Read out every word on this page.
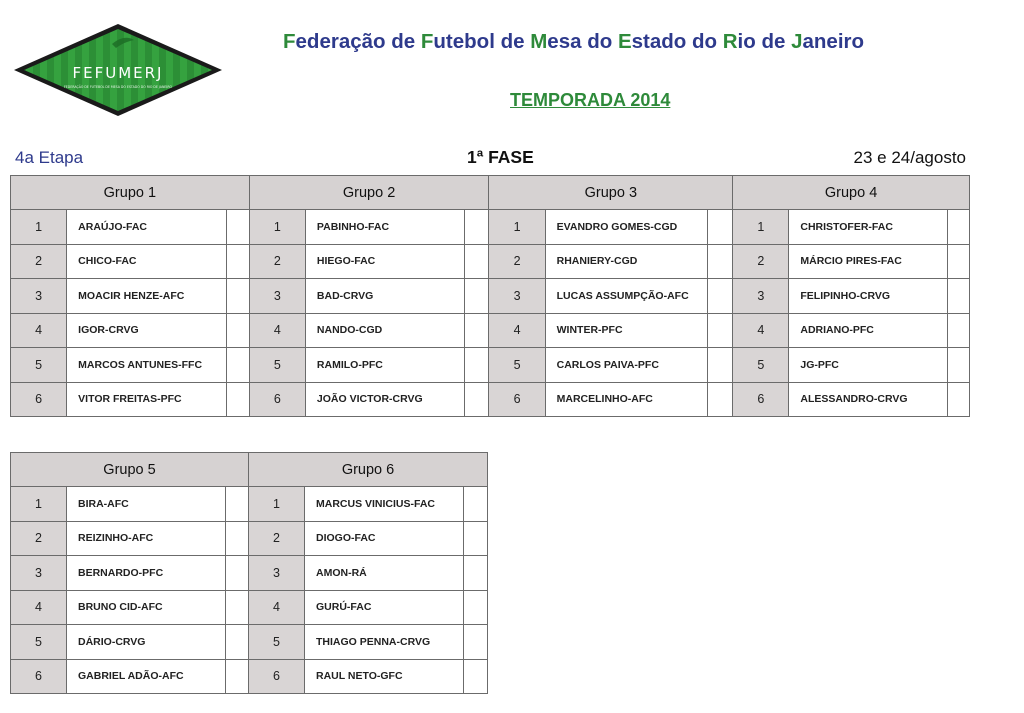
FEFUMERJ
FEDERAÇÃO DE FUTEBOL DE MESA DO ESTADO DO RIO DE JANEIRO
Federação de Futebol de Mesa do Estado do Rio de Janeiro
TEMPORADA 2014
4a Etapa	1ª FASE	23 e 24/agosto
Grupo 1			Grupo 2			Grupo 3			Grupo 4		
1	ARAÚJO-FAC		1	PABINHO-FAC		1	EVANDRO GOMES-CGD		1	CHRISTOFER-FAC	
2	CHICO-FAC		2	HIEGO-FAC		2	RHANIERY-CGD		2	MÁRCIO PIRES-FAC	
3	MOACIR HENZE-AFC		3	BAD-CRVG		3	LUCAS ASSUMPÇÃO-AFC		3	FELIPINHO-CRVG	
4	IGOR-CRVG		4	NANDO-CGD		4	WINTER-PFC		4	ADRIANO-PFC	
5	MARCOS ANTUNES-FFC		5	RAMILO-PFC		5	CARLOS PAIVA-PFC		5	JG-PFC	
6	VITOR FREITAS-PFC		6	JOÃO VICTOR-CRVG		6	MARCELINHO-AFC		6	ALESSANDRO-CRVG	
Grupo 5			Grupo 6		
1	BIRA-AFC		1	MARCUS VINICIUS-FAC	
2	REIZINHO-AFC		2	DIOGO-FAC	
3	BERNARDO-PFC		3	AMON-RÁ	
4	BRUNO CID-AFC		4	GURÚ-FAC	
5	DÁRIO-CRVG		5	THIAGO PENNA-CRVG	
6	GABRIEL ADÃO-AFC		6	RAUL NETO-GFC	
